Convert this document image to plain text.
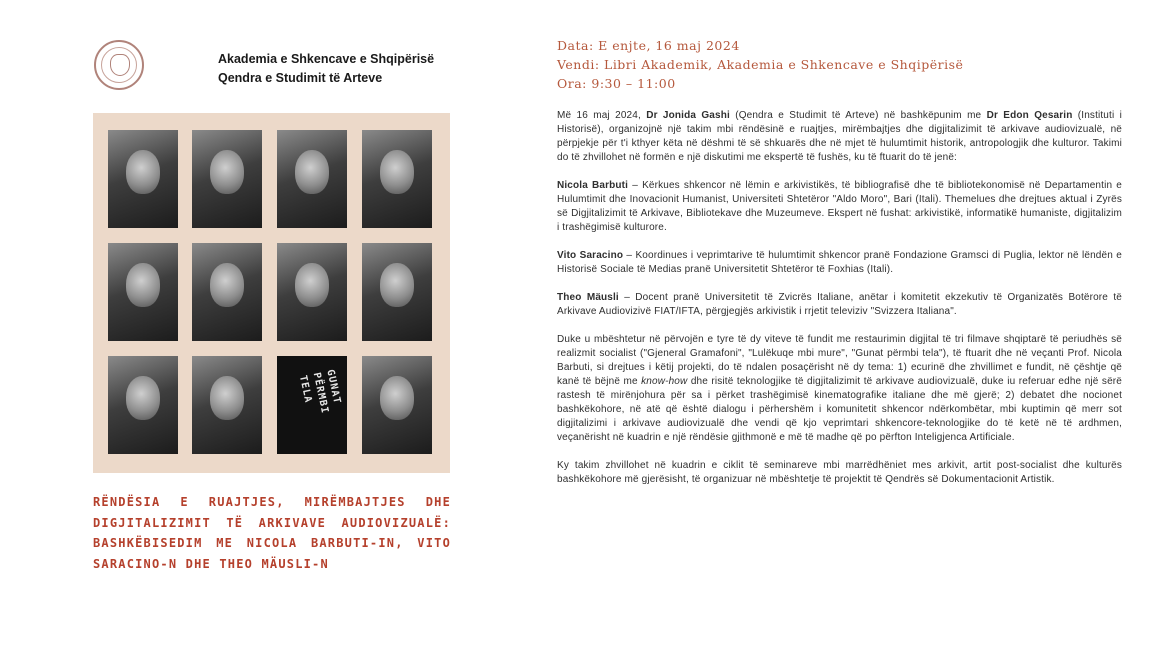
Akademia e Shkencave e Shqipërisë
Qendra e Studimit të Arteve
GUNAT PËRMBI TELA
RËNDËSIA E RUAJTJES, MIRËMBAJTJES DHE DIGJITALIZIMIT TË ARKIVAVE AUDIOVIZUALË: BASHKËBISEDIM ME NICOLA BARBUTI-IN, VITO SARACINO-N DHE THEO MÄUSLI-N
Data: E enjte, 16 maj 2024
Vendi: Libri Akademik, Akademia e Shkencave e Shqipërisë
Ora: 9:30 – 11:00

Më 16 maj 2024, Dr Jonida Gashi (Qendra e Studimit të Arteve) në bashkëpunim me Dr Edon Qesarin (Instituti i Historisë), organizojnë një takim mbi rëndësinë e ruajtjes, mirëmbajtjes dhe digjitalizimit të arkivave audiovizualë, në përpjekje për t'i kthyer këta në dëshmi të së shkuarës dhe në mjet të hulumtimit historik, antropologjik dhe kulturor. Takimi do të zhvillohet në formën e një diskutimi me ekspertë të fushës, ku të ftuarit do të jenë:

Nicola Barbuti – Kërkues shkencor në lëmin e arkivistikës, të bibliografisë dhe të bibliotekonomisë në Departamentin e Hulumtimit dhe Inovacionit Humanist, Universiteti Shtetëror "Aldo Moro", Bari (Itali). Themelues dhe drejtues aktual i Zyrës së Digjitalizimit të Arkivave, Bibliotekave dhe Muzeumeve. Ekspert në fushat: arkivistikë, informatikë humaniste, digjitalizim i trashëgimisë kulturore.

Vito Saracino – Koordinues i veprimtarive të hulumtimit shkencor pranë Fondazione Gramsci di Puglia, lektor në lëndën e Historisë Sociale të Medias pranë Universitetit Shtetëror të Foxhias (Itali).

Theo Mäusli – Docent pranë Universitetit të Zvicrës Italiane, anëtar i komitetit ekzekutiv të Organizatës Botërore të Arkivave Audiovizivë FIAT/IFTA, përgjegjës arkivistik i rrjetit televiziv "Svizzera Italiana".

Duke u mbështetur në përvojën e tyre të dy viteve të fundit me restaurimin digjital të tri filmave shqiptarë të periudhës së realizmit socialist ("Gjeneral Gramafoni", "Lulëkuqe mbi mure", "Gunat përmbi tela"), të ftuarit dhe në veçanti Prof. Nicola Barbuti, si drejtues i këtij projekti, do të ndalen posaçërisht në dy tema: 1) ecurinë dhe zhvillimet e fundit, në çështje që kanë të bëjnë me know-how dhe risitë teknologjike të digjitalizimit të arkivave audiovizualë, duke iu referuar edhe një sërë rastesh të mirënjohura për sa i përket trashëgimisë kinematografike italiane dhe më gjerë; 2) debatet dhe nocionet bashkëkohore, në atë që është dialogu i përhershëm i komunitetit shkencor ndërkombëtar, mbi kuptimin që merr sot digjitalizimi i arkivave audiovizualë dhe vendi që kjo veprimtari shkencore-teknologjike do të ketë në të ardhmen, veçanërisht në kuadrin e një rëndësie gjithmonë e më të madhe që po përfton Inteligjenca Artificiale.

Ky takim zhvillohet në kuadrin e ciklit të seminareve mbi marrëdhëniet mes arkivit, artit post-socialist dhe kulturës bashkëkohore më gjerësisht, të organizuar në mbështetje të projektit të Qendrës së Dokumentacionit Artistik.
